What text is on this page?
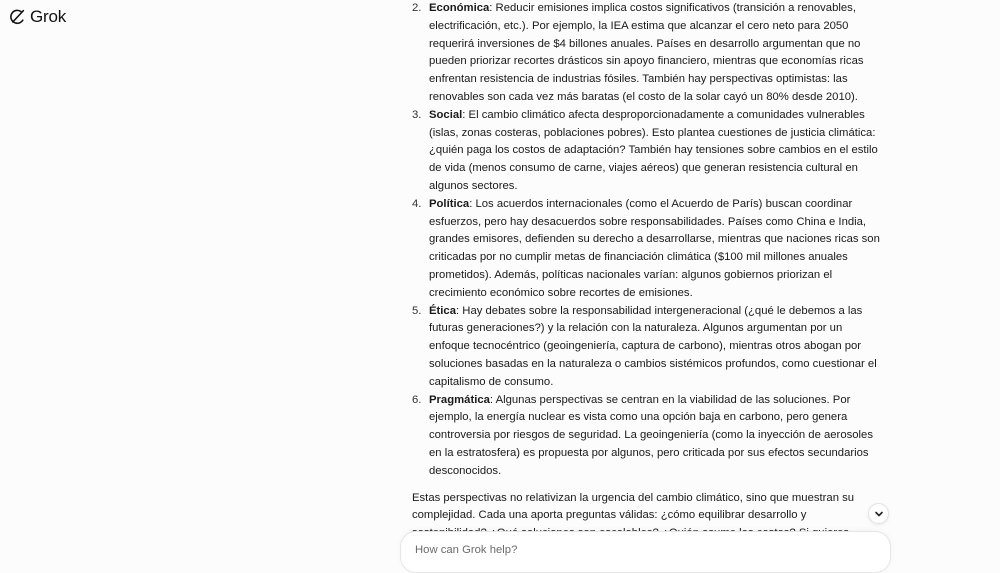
Grok	2. Económica: Reducir emisiones implica costos significativos (transición a renovables, electrificación, etc.). Por ejemplo, la IEA estima que alcanzar el cero neto para 2050 requerirá inversiones de $4 billones anuales. Países en desarrollo argumentan que no pueden priorizar recortes drásticos sin apoyo financiero, mientras que economías ricas enfrentan resistencia de industrias fósiles. También hay perspectivas optimistas: las renovables son cada vez más baratas (el costo de la solar cayó un 80% desde 2010).
3. Social: El cambio climático afecta desproporcionadamente a comunidades vulnerables (islas, zonas costeras, poblaciones pobres). Esto plantea cuestiones de justicia climática: ¿quién paga los costos de adaptación? También hay tensiones sobre cambios en el estilo de vida (menos consumo de carne, viajes aéreos) que generan resistencia cultural en algunos sectores.
4. Política: Los acuerdos internacionales (como el Acuerdo de París) buscan coordinar esfuerzos, pero hay desacuerdos sobre responsabilidades. Países como China e India, grandes emisores, defienden su derecho a desarrollarse, mientras que naciones ricas son criticadas por no cumplir metas de financiación climática ($100 mil millones anuales prometidos). Además, políticas nacionales varían: algunos gobiernos priorizan el crecimiento económico sobre recortes de emisiones.
5. Ética: Hay debates sobre la responsabilidad intergeneracional (¿qué le debemos a las futuras generaciones?) y la relación con la naturaleza. Algunos argumentan por un enfoque tecnocéntrico (geoingeniería, captura de carbono), mientras otros abogan por soluciones basadas en la naturaleza o cambios sistémicos profundos, como cuestionar el capitalismo de consumo.
6. Pragmática: Algunas perspectivas se centran en la viabilidad de las soluciones. Por ejemplo, la energía nuclear es vista como una opción baja en carbono, pero genera controversia por riesgos de seguridad. La geoingeniería (como la inyección de aerosoles en la estratosfera) es propuesta por algunos, pero criticada por sus efectos secundarios desconocidos.

Estas perspectivas no relativizan la urgencia del cambio climático, sino que muestran su complejidad. Cada una aporta preguntas válidas: ¿cómo equilibrar desarrollo y

How can Grok help?
